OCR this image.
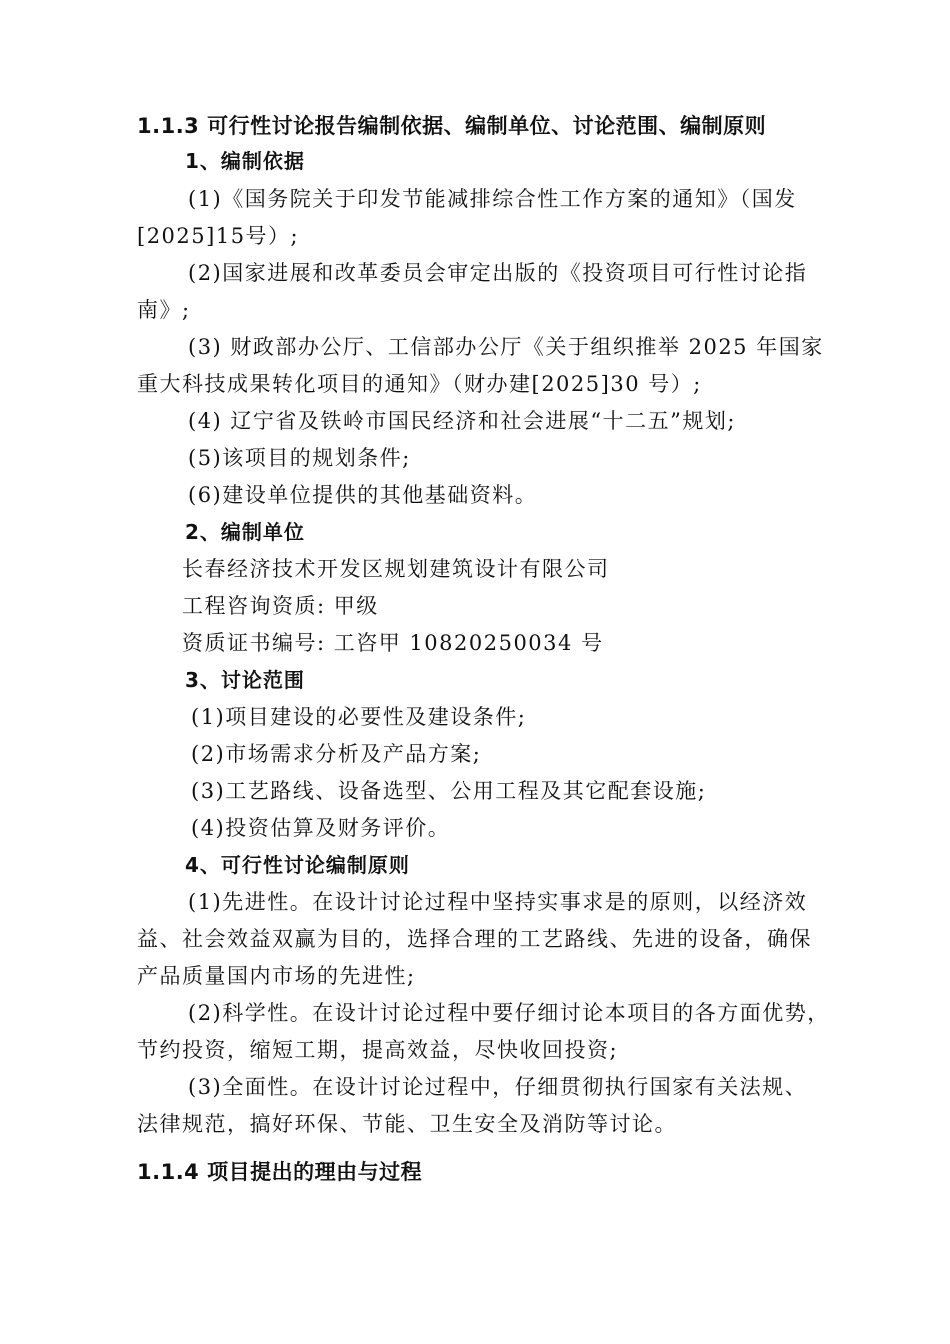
1.1.3 可行性讨论报告编制依据、编制单位、讨论范围、编制原则
1、编制依据
(1)《国务院关于印发节能减排综合性工作方案的通知》（国发
[2025]15号）;
(2)国家进展和改革委员会审定出版的《投资项目可行性讨论指
南》;
(3) 财政部办公厅、工信部办公厅《关于组织推举 2025 年国家
重大科技成果转化项目的通知》（财办建[2025]30 号）;
(4) 辽宁省及铁岭市国民经济和社会进展“十二五”规划;
(5)该项目的规划条件;
(6)建设单位提供的其他基础资料。
2、编制单位
长春经济技术开发区规划建筑设计有限公司
工程咨询资质: 甲级
资质证书编号: 工咨甲 10820250034 号
3、讨论范围
(1)项目建设的必要性及建设条件;
(2)市场需求分析及产品方案;
(3)工艺路线、设备选型、公用工程及其它配套设施;
(4)投资估算及财务评价。
4、可行性讨论编制原则
(1)先进性。在设计讨论过程中坚持实事求是的原则，以经济效
益、社会效益双赢为目的，选择合理的工艺路线、先进的设备，确保
产品质量国内市场的先进性;
(2)科学性。在设计讨论过程中要仔细讨论本项目的各方面优势，
节约投资，缩短工期，提高效益，尽快收回投资;
(3)全面性。在设计讨论过程中，仔细贯彻执行国家有关法规、
法律规范，搞好环保、节能、卫生安全及消防等讨论。
1.1.4 项目提出的理由与过程
